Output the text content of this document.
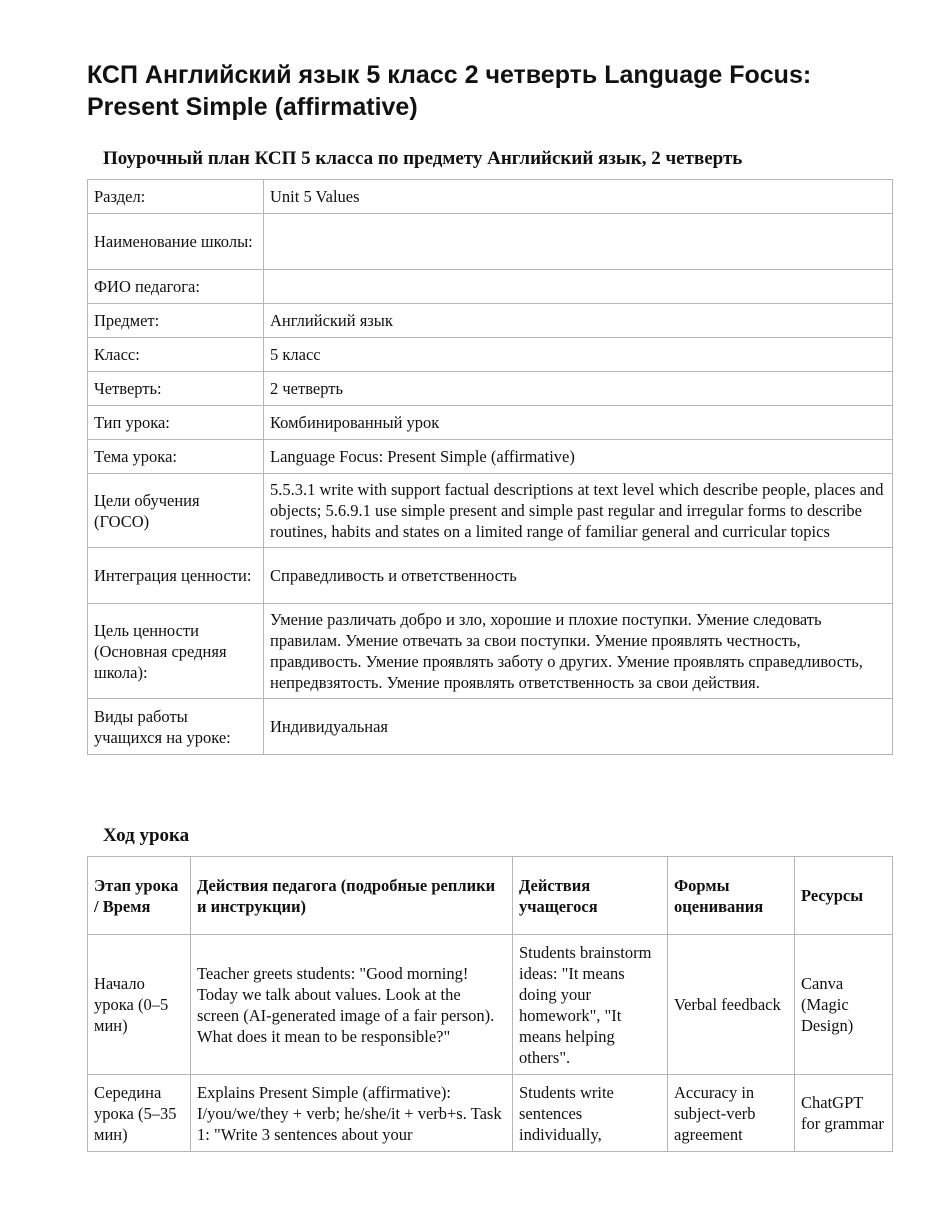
КСП Английский язык 5 класс 2 четверть Language Focus: Present Simple (affirmative)
Поурочный план КСП 5 класса по предмету Английский язык, 2 четверть
Раздел:	Unit 5 Values
Наименование школы:	
ФИО педагога:	
Предмет:	Английский язык
Класс:	5 класс
Четверть:	2 четверть
Тип урока:	Комбинированный урок
Тема урока:	Language Focus: Present Simple (affirmative)
Цели обучения (ГОСО)	5.5.3.1 write with support factual descriptions at text level which describe people, places and objects; 5.6.9.1 use simple present and simple past regular and irregular forms to describe routines, habits and states on a limited range of familiar general and curricular topics
Интеграция ценности:	Справедливость и ответственность
Цель ценности (Основная средняя школа):	Умение различать добро и зло, хорошие и плохие поступки. Умение следовать правилам. Умение отвечать за свои поступки. Умение проявлять честность, правдивость. Умение проявлять заботу о других. Умение проявлять справедливость, непредвзятость. Умение проявлять ответственность за свои действия.
Виды работы учащихся на уроке:	Индивидуальная
Ход урока
Этап урока / Время	Действия педагога (подробные реплики и инструкции)	Действия учащегося	Формы оценивания	Ресурсы
Начало урока (0–5 мин)	Teacher greets students: "Good morning! Today we talk about values. Look at the screen (AI-generated image of a fair person). What does it mean to be responsible?"	Students brainstorm ideas: "It means doing your homework", "It means helping others".	Verbal feedback	Canva (Magic Design)
Середина урока (5–35 мин)	Explains Present Simple (affirmative): I/you/we/they + verb; he/she/it + verb+s. Task 1: "Write 3 sentences about your	Students write sentences individually,	Accuracy in subject-verb agreement	ChatGPT for grammar
